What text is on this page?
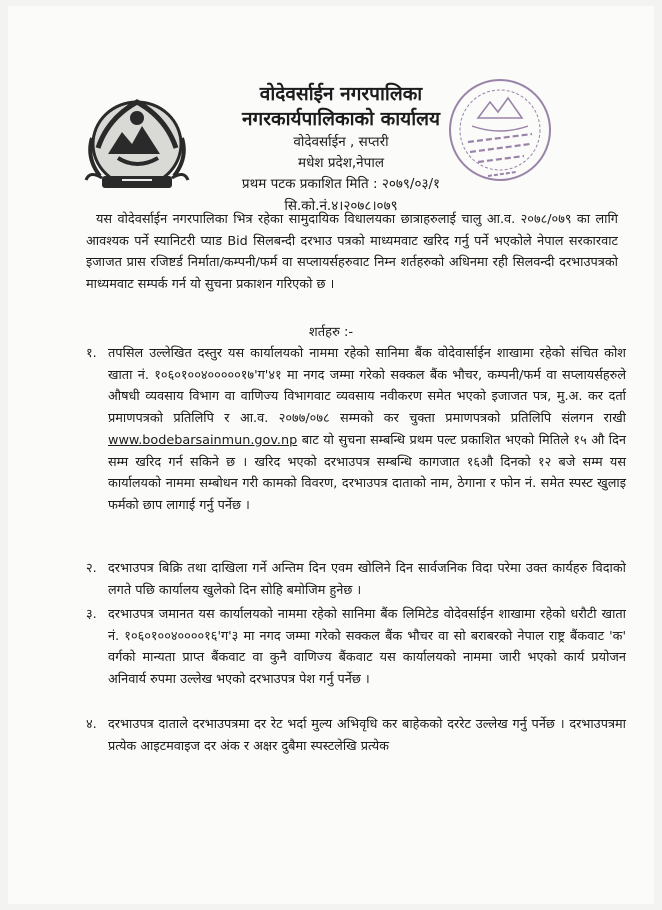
वोदेवर्साईन नगरपालिका
नगरकार्यपालिकाको कार्यालय
वोदेवर्साईन , सप्तरी
मधेश प्रदेश,नेपाल
प्रथम पटक प्रकाशित मिति : २०७९/०३/१
सि.को.नं.४।२०७८।०७९
यस वोदेवर्साईन नगरपालिका भित्र रहेका सामुदायिक विधालयका छात्राहरुलाई चालु आ.व. २०७८/०७९ का लागि आवश्यक पर्ने स्यानिटरी प्याड Bid सिलबन्दी दरभाउ पत्रको माध्यमवाट खरिद गर्नु पर्ने भएकोले नेपाल सरकारवाट इजाजत प्रास रजिष्टर्ड निर्माता/कम्पनी/फर्म वा सप्लायर्सहरुवाट निम्न शर्तहरुको अधिनमा रही सिलवन्दी दरभाउपत्रको माध्यमवाट सम्पर्क गर्न यो सुचना प्रकाशन गरिएको छ ।
शर्तहरु :-
१. तपसिल उल्लेखित दस्तुर यस कार्यालयको नाममा रहेको सानिमा बैंक वोदेवार्साईन शाखामा रहेको संचित कोश खाता नं. १०६०१००४०००००१७'ग'४१ मा नगद जम्मा गरेको सक्कल बैंक भौचर, कम्पनी/फर्म वा सप्लायर्सहरुले औषधी व्यवसाय विभाग वा वाणिज्य विभागवाट व्यवसाय नवीकरण समेत भएको इजाजत पत्र, मु.अ. कर दर्ता प्रमाणपत्रको प्रतिलिपि र आ.व. २०७७/०७८ सम्मको कर चुक्ता प्रमाणपत्रको प्रतिलिपि संलगन राखी www.bodebarsainmun.gov.np बाट यो सुचना सम्बन्धि प्रथम पल्ट प्रकाशित भएको मितिले १५ औ दिन सम्म खरिद गर्न सकिने छ । खरिद भएको दरभाउपत्र सम्बन्धि कागजात १६औ दिनको १२ बजे सम्म यस कार्यालयको नाममा सम्बोधन गरी कामको विवरण, दरभाउपत्र दाताको नाम, ठेगाना र फोन नं. समेत स्पस्ट खुलाइ फर्मको छाप लागाई गर्नु पर्नेछ ।
२. दरभाउपत्र बिक्रि तथा दाखिला गर्ने अन्तिम दिन एवम खोलिने दिन सार्वजनिक विदा परेमा उक्त कार्यहरु विदाको लगते पछि कार्यालय खुलेको दिन सोहि बमोजिम हुनेछ ।
३. दरभाउपत्र जमानत यस कार्यालयको नाममा रहेको सानिमा बैंक लिमिटेड वोदेवर्साईन शाखामा रहेको धरौटी खाता नं. १०६०१००४००००१६'ग'३ मा नगद जम्मा गरेको सक्कल बैंक भौचर वा सो बराबरको नेपाल राष्ट्र बैंकवाट 'क' वर्गको मान्यता प्राप्त बैंकवाट वा कुनै वाणिज्य बैंकवाट यस कार्यालयको नाममा जारी भएको कार्य प्रयोजन अनिवार्य रुपमा उल्लेख भएको दरभाउपत्र पेश गर्नु पर्नेछ ।
४. दरभाउपत्र दाताले दरभाउपत्रमा दर रेट भर्दा मुल्य अभिवृधि कर बाहेकको दररेट उल्लेख गर्नु पर्नेछ । दरभाउपत्रमा प्रत्येक आइटमवाइज दर अंक र अक्षर दुबैमा स्पस्टलेखि प्रत्येक
